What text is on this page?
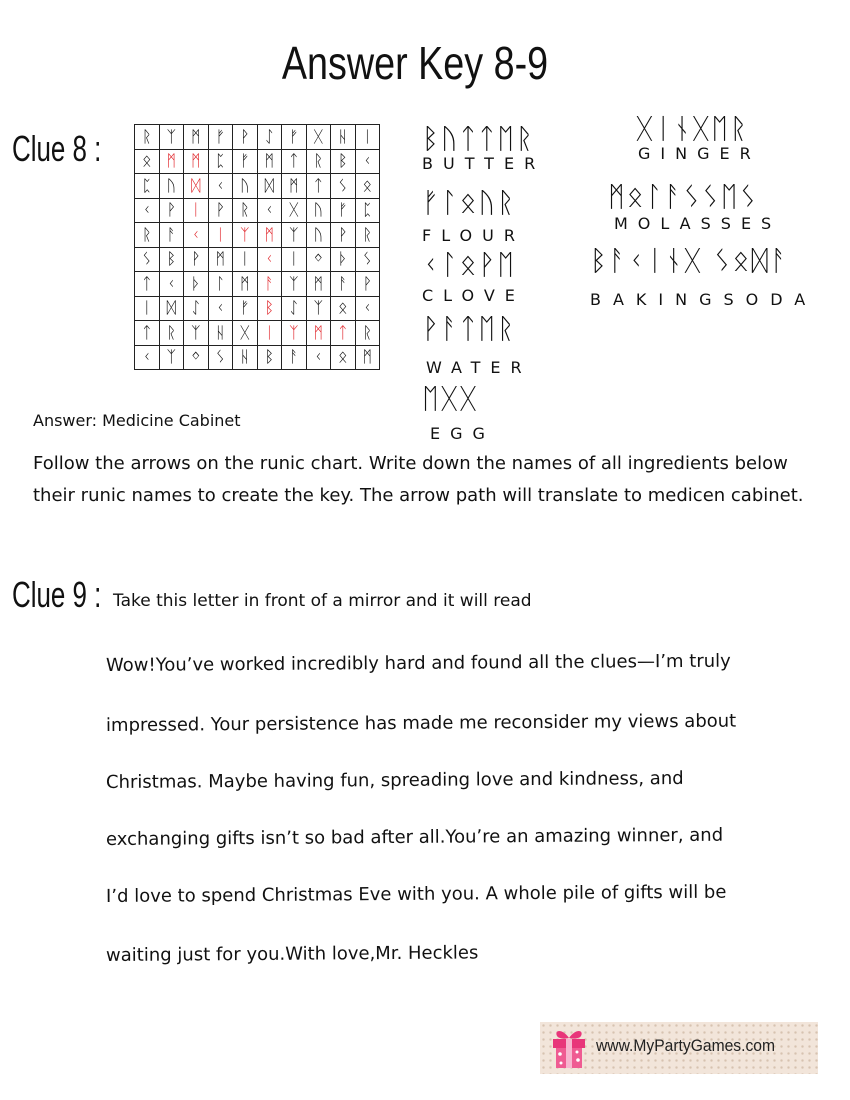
Answer Key 8-9
Clue 8 :	ᚱ	ᛉ	ᛗ	ᚠ	ᚹ	ᛇ	ᚠ	ᚷ	ᚺ	ᛁ
ᛟ	ᛗ	ᛗ	ᛈ	ᚠ	ᛗ	ᛏ	ᚱ	ᛒ	ᚲ
ᛈ	ᚢ	ᛞ	ᚲ	ᚢ	ᛞ	ᛗ	ᛏ	ᛊ	ᛟ
ᚲ	ᚹ	ᛁ	ᚹ	ᚱ	ᚲ	ᚷ	ᚢ	ᚠ	ᛈ
ᚱ	ᚨ	ᚲ	ᛁ	ᛉ	ᛗ	ᛉ	ᚢ	ᚹ	ᚱ
ᛊ	ᛒ	ᚹ	ᛗ	ᛁ	ᚲ	ᛁ	ᛜ	ᚦ	ᛊ
ᛏ	ᚲ	ᚦ	ᛚ	ᛗ	ᚨ	ᛉ	ᛗ	ᚨ	ᚹ
ᛁ	ᛞ	ᛇ	ᚲ	ᚠ	ᛒ	ᛇ	ᛉ	ᛟ	ᚲ
ᛏ	ᚱ	ᛉ	ᚺ	ᚷ	ᛁ	ᛉ	ᛗ	ᛏ	ᚱ
ᚲ	ᛉ	ᛜ	ᛊ	ᚺ	ᛒ	ᚨ	ᚲ	ᛟ	ᛗ
Answer: Medicine Cabinet
ᛒᚢᛏᛏᛖᚱ
BUTTER
ᚠᛚᛟᚢᚱ
FLOUR
ᚲᛚᛟᚹᛖ
CLOVE
ᚹᚨᛏᛖᚱ
WATER
ᛖᚷᚷ
EGG
ᚷᛁᚾᚷᛖᚱ
GINGER
ᛗᛟᛚᚨᛊᛊᛖᛊ
MOLASSES
ᛒᚨᚲᛁᚾᚷ ᛊᛟᛞᚨ
BAKINGSODA
Follow the arrows on the runic chart. Write down the names of all ingredients below their runic names to create the key. The arrow path will translate to medicen cabinet.
Clue 9 : Take this letter in front of a mirror and it will read
Wow!You’ve worked incredibly hard and found all the clues—I’m truly
impressed. Your persistence has made me reconsider my views about
Christmas. Maybe having fun, spreading love and kindness, and
exchanging gifts isn’t so bad after all.You’re an amazing winner, and
I’d love to spend Christmas Eve with you. A whole pile of gifts will be
waiting just for you.With love,Mr. Heckles
www.MyPartyGames.com
